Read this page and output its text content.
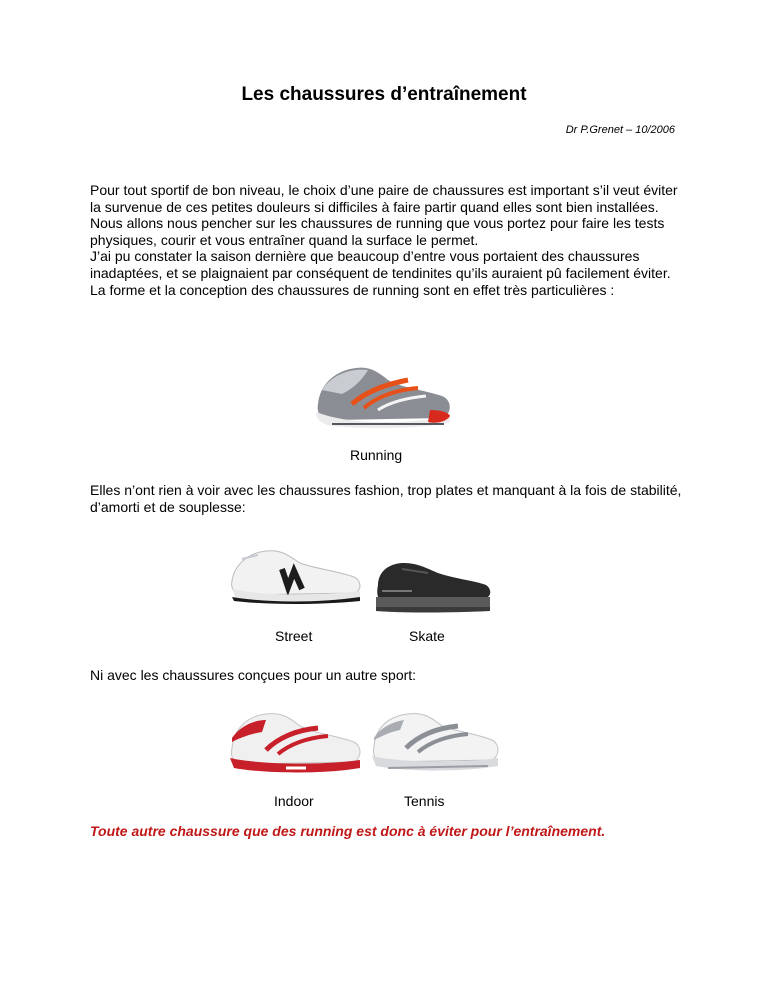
Les chaussures d’entraînement
Dr P.Grenet – 10/2006

Pour tout sportif de bon niveau, le choix d’une paire de chaussures est important s’il veut éviter la survenue de ces petites douleurs si difficiles à faire partir quand elles sont bien installées.

Nous allons nous pencher sur les chaussures de running que vous portez pour faire les tests physiques, courir et vous entraîner quand la surface le permet.

J’ai pu constater la saison dernière que beaucoup d’entre vous portaient des chaussures inadaptées, et se plaignaient par conséquent de tendinites qu’ils auraient pû facilement éviter.

La forme et la conception des chaussures de running sont en effet très particulières :

Running
Elles n’ont rien à voir avec les chaussures fashion, trop plates et manquant à la fois de stabilité, d’amorti et de souplesse:
Street	Skate
Ni avec les chaussures conçues pour un autre sport:
Indoor	Tennis
Toute autre chaussure que des running est donc à éviter pour l’entraînement.
